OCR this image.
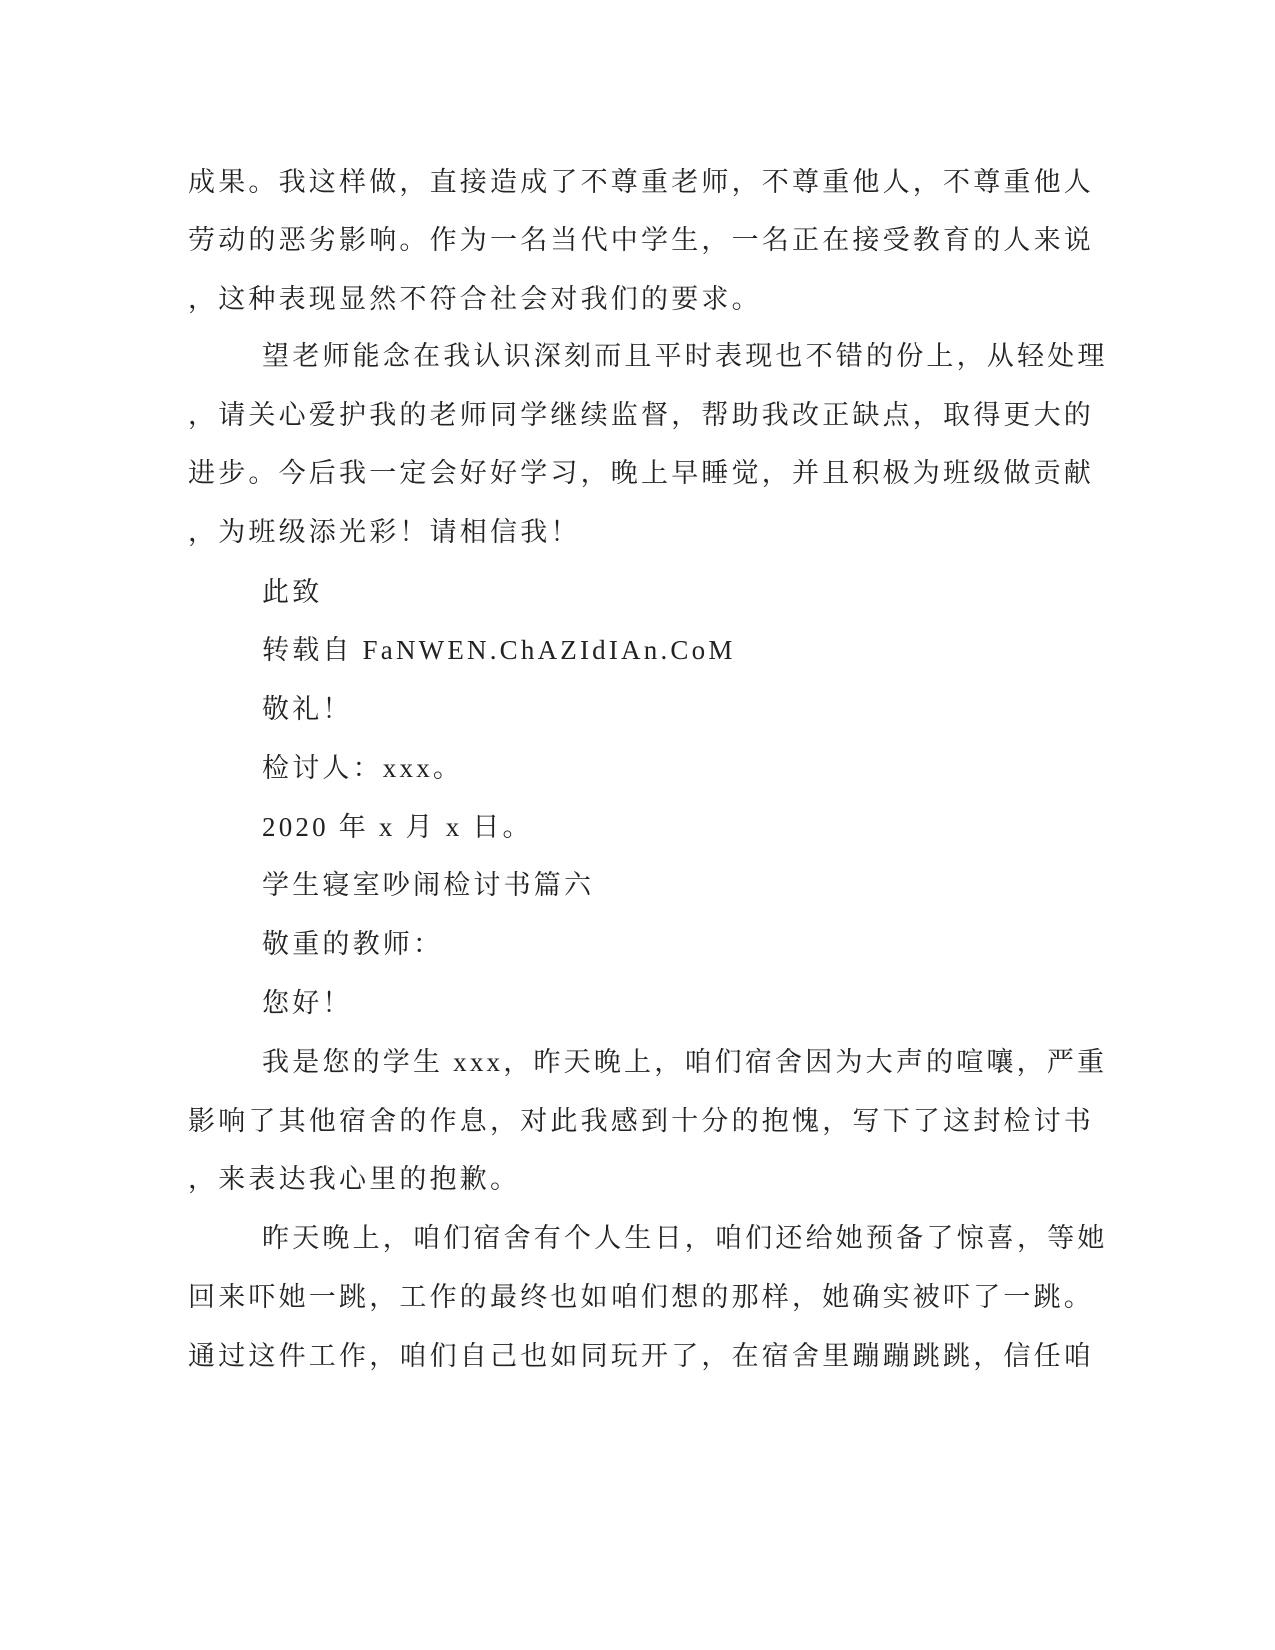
成果。我这样做，直接造成了不尊重老师，不尊重他人，不尊重他人
劳动的恶劣影响。作为一名当代中学生，一名正在接受教育的人来说
，这种表现显然不符合社会对我们的要求。
望老师能念在我认识深刻而且平时表现也不错的份上，从轻处理
，请关心爱护我的老师同学继续监督，帮助我改正缺点，取得更大的
进步。今后我一定会好好学习，晚上早睡觉，并且积极为班级做贡献
，为班级添光彩！请相信我！
此致
转载自 FaNWEN.ChAZIdIAn.CoM
敬礼！
检讨人：xxx。
2020 年 x 月 x 日。
学生寝室吵闹检讨书篇六
敬重的教师：
您好！
我是您的学生 xxx，昨天晚上，咱们宿舍因为大声的喧嚷，严重
影响了其他宿舍的作息，对此我感到十分的抱愧，写下了这封检讨书
，来表达我心里的抱歉。
昨天晚上，咱们宿舍有个人生日，咱们还给她预备了惊喜，等她
回来吓她一跳，工作的最终也如咱们想的那样，她确实被吓了一跳。
通过这件工作，咱们自己也如同玩开了，在宿舍里蹦蹦跳跳，信任咱
